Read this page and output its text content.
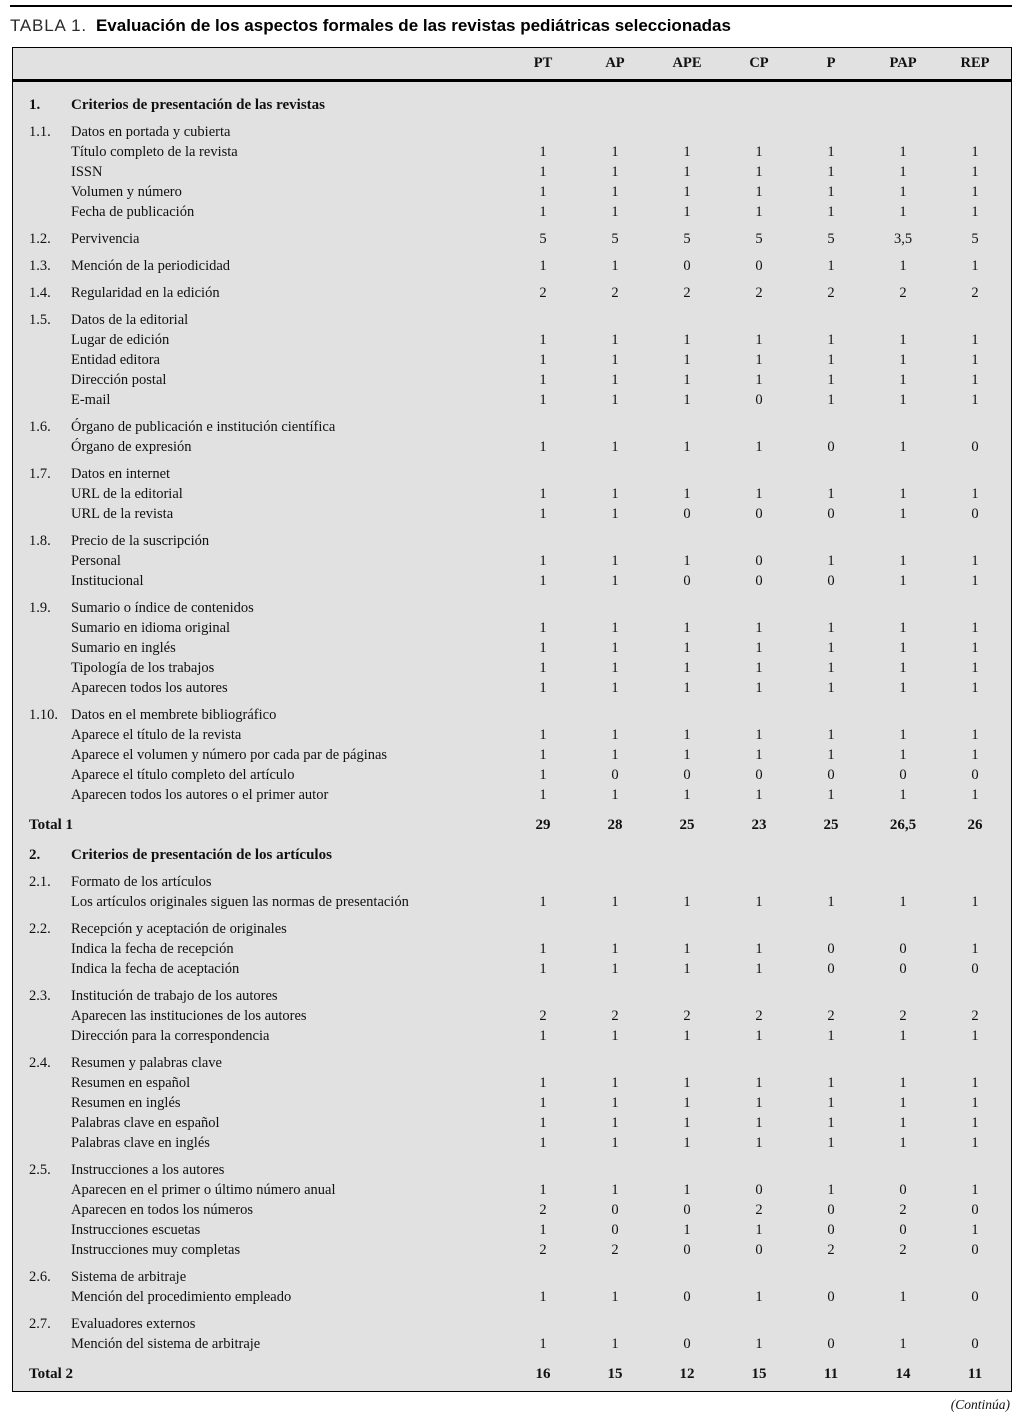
TABLA 1. Evaluación de los aspectos formales de las revistas pediátricas seleccionadas
PT	AP	APE	CP	P	PAP	REP
1.	Criterios de presentación de las revistas
1.1.	Datos en portada y cubierta
Título completo de la revista	1	1	1	1	1	1	1
ISSN	1	1	1	1	1	1	1
Volumen y número	1	1	1	1	1	1	1
Fecha de publicación	1	1	1	1	1	1	1
1.2.	Pervivencia	5	5	5	5	5	3,5	5
1.3.	Mención de la periodicidad	1	1	0	0	1	1	1
1.4.	Regularidad en la edición	2	2	2	2	2	2	2
1.5.	Datos de la editorial
Lugar de edición	1	1	1	1	1	1	1
Entidad editora	1	1	1	1	1	1	1
Dirección postal	1	1	1	1	1	1	1
E-mail	1	1	1	0	1	1	1
1.6.	Órgano de publicación e institución científica
Órgano de expresión	1	1	1	1	0	1	0
1.7.	Datos en internet
URL de la editorial	1	1	1	1	1	1	1
URL de la revista	1	1	0	0	0	1	0
1.8.	Precio de la suscripción
Personal	1	1	1	0	1	1	1
Institucional	1	1	0	0	0	1	1
1.9.	Sumario o índice de contenidos
Sumario en idioma original	1	1	1	1	1	1	1
Sumario en inglés	1	1	1	1	1	1	1
Tipología de los trabajos	1	1	1	1	1	1	1
Aparecen todos los autores	1	1	1	1	1	1	1
1.10. Datos en el membrete bibliográfico
Aparece el título de la revista	1	1	1	1	1	1	1
Aparece el volumen y número por cada par de páginas	1	1	1	1	1	1	1
Aparece el título completo del artículo	1	0	0	0	0	0	0
Aparecen todos los autores o el primer autor	1	1	1	1	1	1	1
Total 1	29	28	25	23	25	26,5	26
2.	Criterios de presentación de los artículos
2.1.	Formato de los artículos
Los artículos originales siguen las normas de presentación	1	1	1	1	1	1	1
2.2.	Recepción y aceptación de originales
Indica la fecha de recepción	1	1	1	1	0	0	1
Indica la fecha de aceptación	1	1	1	1	0	0	0
2.3.	Institución de trabajo de los autores
Aparecen las instituciones de los autores	2	2	2	2	2	2	2
Dirección para la correspondencia	1	1	1	1	1	1	1
2.4.	Resumen y palabras clave
Resumen en español	1	1	1	1	1	1	1
Resumen en inglés	1	1	1	1	1	1	1
Palabras clave en español	1	1	1	1	1	1	1
Palabras clave en inglés	1	1	1	1	1	1	1
2.5.	Instrucciones a los autores
Aparecen en el primer o último número anual	1	1	1	0	1	0	1
Aparecen en todos los números	2	0	0	2	0	2	0
Instrucciones escuetas	1	0	1	1	0	0	1
Instrucciones muy completas	2	2	0	0	2	2	0
2.6.	Sistema de arbitraje
Mención del procedimiento empleado	1	1	0	1	0	1	0
2.7.	Evaluadores externos
Mención del sistema de arbitraje	1	1	0	1	0	1	0
Total 2	16	15	12	15	11	14	11
(Continúa)
